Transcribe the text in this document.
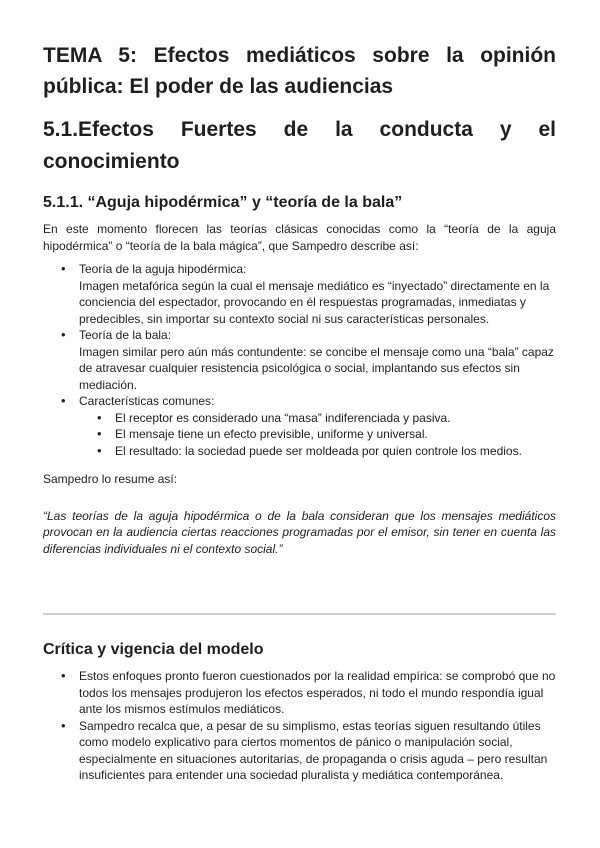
TEMA 5: Efectos mediáticos sobre la opinión pública: El poder de las audiencias
5.1.Efectos Fuertes de la conducta y el conocimiento
5.1.1. “Aguja hipodérmica” y “teoría de la bala”

En este momento florecen las teorías clásicas conocidas como la “teoría de la aguja hipodérmica” o “teoría de la bala mágica”, que Sampedro describe así:

• Teoría de la aguja hipodérmica:
Imagen metafórica según la cual el mensaje mediático es “inyectado” directamente en la conciencia del espectador, provocando en él respuestas programadas, inmediatas y predecibles, sin importar su contexto social ni sus características personales.
• Teoría de la bala:
Imagen similar pero aún más contundente: se concibe el mensaje como una “bala” capaz de atravesar cualquier resistencia psicológica o social, implantando sus efectos sin mediación.
• Características comunes:
• El receptor es considerado una “masa” indiferenciada y pasiva.
• El mensaje tiene un efecto previsible, uniforme y universal.
• El resultado: la sociedad puede ser moldeada por quien controle los medios.

Sampedro lo resume así:

“Las teorías de la aguja hipodérmica o de la bala consideran que los mensajes mediáticos provocan en la audiencia ciertas reacciones programadas por el emisor, sin tener en cuenta las diferencias individuales ni el contexto social.”

Crítica y vigencia del modelo
• Estos enfoques pronto fueron cuestionados por la realidad empírica: se comprobó que no todos los mensajes produjeron los efectos esperados, ni todo el mundo respondía igual ante los mismos estímulos mediáticos.
• Sampedro recalca que, a pesar de su simplismo, estas teorías siguen resultando útiles como modelo explicativo para ciertos momentos de pánico o manipulación social, especialmente en situaciones autoritarias, de propaganda o crisis aguda – pero resultan insuficientes para entender una sociedad pluralista y mediática contemporánea.
